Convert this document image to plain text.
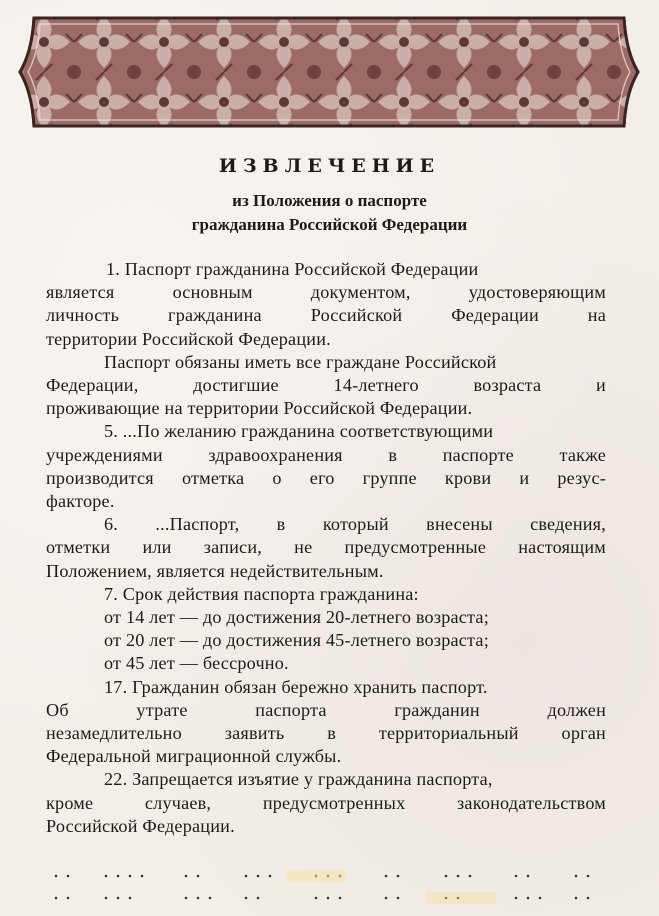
ИЗВЛЕЧЕНИЕ
из Положения о паспорте
гражданина Российской Федерации
1. Паспорт гражданина Российской Федерации
является основным документом, удостоверяющим
личность гражданина Российской Федерации на
территории Российской Федерации.
Паспорт обязаны иметь все граждане Российской
Федерации, достигшие 14-летнего возраста и
проживающие на территории Российской Федерации.
5. ...По желанию гражданина соответствующими
учреждениями здравоохранения в паспорте также
производится отметка о его группе крови и резус-
факторе.
6. ...Паспорт, в который внесены сведения,
отметки или записи, не предусмотренные настоящим
Положением, является недействительным.
7. Срок действия паспорта гражданина:
от 14 лет — до достижения 20-летнего возраста;
от 20 лет — до достижения 45-летнего возраста;
от 45 лет — бессрочно.
17. Гражданин обязан бережно хранить паспорт.
Об утрате паспорта гражданин должен
незамедлительно заявить в территориальный орган
Федеральной миграционной службы.
22. Запрещается изъятие у гражданина паспорта,
кроме случаев, предусмотренных законодательством
Российской Федерации.
